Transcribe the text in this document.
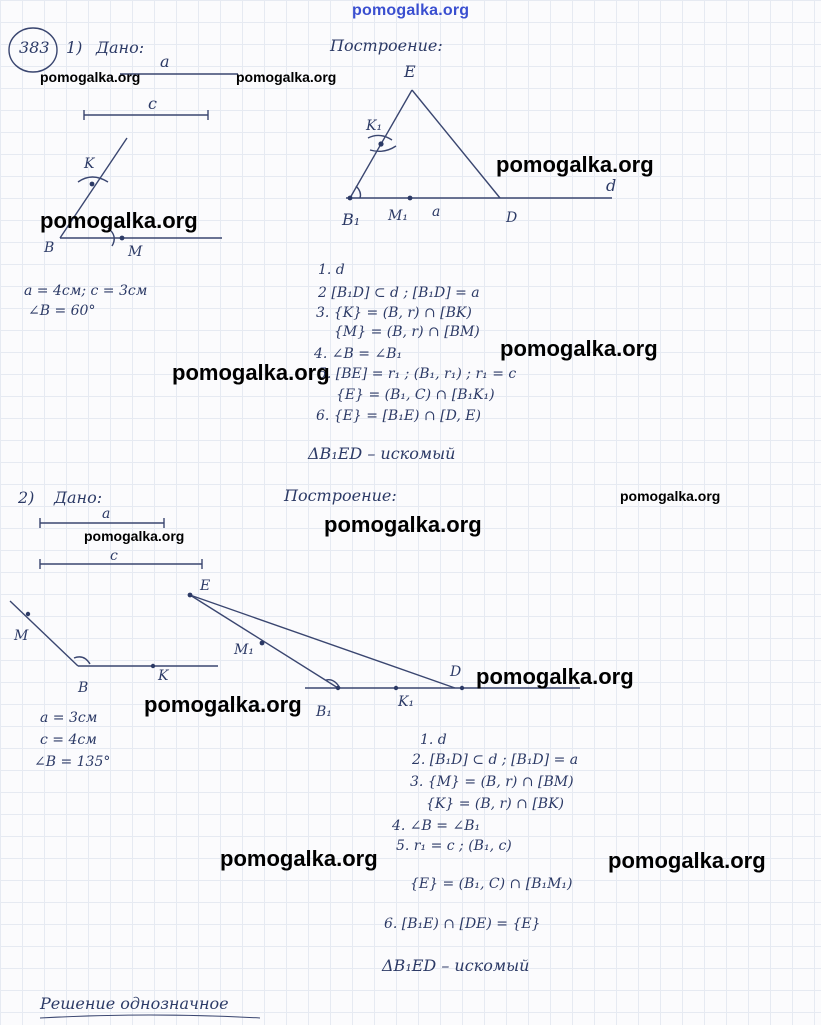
pomogalka.org
383 1) Дано:	Построение:
a
c
K
B	M
E
K₁
B₁ M₁ a	D
d
a = 4см; c = 3см
∠B = 60°
1. d
2 [B₁D] ⊂ d ; [B₁D] = a
3. {K} = (B, r) ∩ [BK)
{M} = (B, r) ∩ [BM)
4. ∠B = ∠B₁
5. [BE] = r₁ ; (B₁, r₁) ; r₁ = c
{E} = (B₁, C) ∩ [B₁K₁)
6. {E} = [B₁E) ∩ [D, E)
ΔB₁ED – искомый
2) Дано:	Построение:
a
c
M
B
K
E
M₁
D
B₁
K₁
a = 3см
c = 4см
∠B = 135°
1. d
2. [B₁D] ⊂ d ; [B₁D] = a
3. {M} = (B, r) ∩ [BM)
{K} = (B, r) ∩ [BK)
4. ∠B = ∠B₁
5. r₁ = c ; (B₁, c)
{E} = (B₁, C) ∩ [B₁M₁)
6. [B₁E) ∩ [DE) = {E}
ΔB₁ED – искомый
Решение однозначное
pomogalka.org	pomogalka.org
pomogalka.org
pomogalka.org
pomogalka.org
pomogalka.org
pomogalka.org
pomogalka.org
pomogalka.org
pomogalka.org
pomogalka.org
pomogalka.org	pomogalka.org
